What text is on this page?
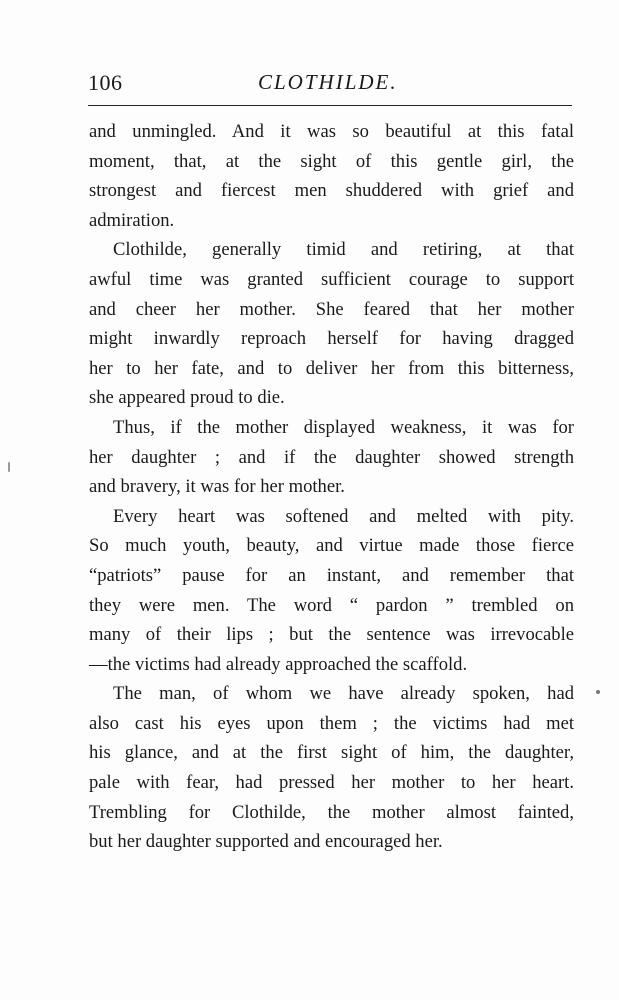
106	CLOTHILDE.
and unmingled. And it was so beautiful at this fatal
moment, that, at the sight of this gentle girl, the
strongest and fiercest men shuddered with grief and
admiration.
Clothilde, generally timid and retiring, at that
awful time was granted sufficient courage to support
and cheer her mother. She feared that her mother
might inwardly reproach herself for having dragged
her to her fate, and to deliver her from this bitterness,
she appeared proud to die.
Thus, if the mother displayed weakness, it was for
her daughter ; and if the daughter showed strength
and bravery, it was for her mother.
Every heart was softened and melted with pity.
So much youth, beauty, and virtue made those fierce
“patriots” pause for an instant, and remember that
they were men. The word “ pardon ” trembled on
many of their lips ; but the sentence was irrevocable
—the victims had already approached the scaffold.
The man, of whom we have already spoken, had
also cast his eyes upon them ; the victims had met
his glance, and at the first sight of him, the daughter,
pale with fear, had pressed her mother to her heart.
Trembling for Clothilde, the mother almost fainted,
but her daughter supported and encouraged her.
